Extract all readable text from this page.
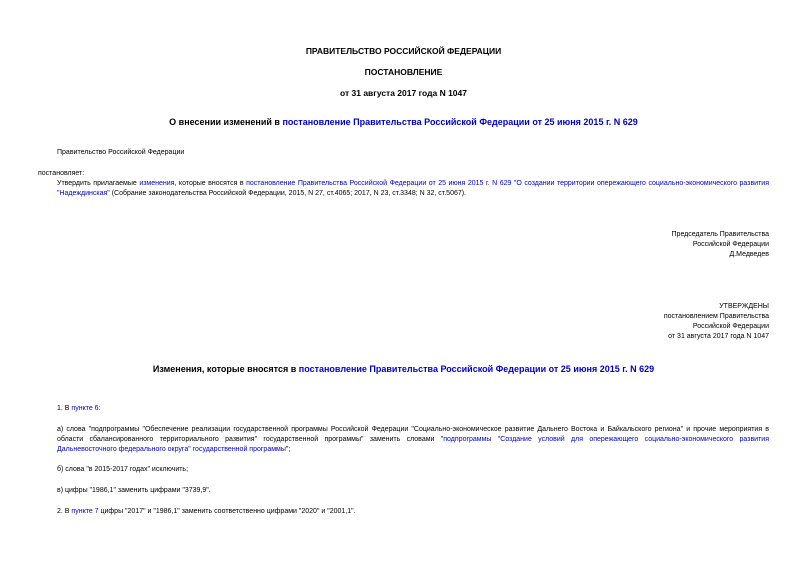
ПРАВИТЕЛЬСТВО РОССИЙСКОЙ ФЕДЕРАЦИИ
ПОСТАНОВЛЕНИЕ
от 31 августа 2017 года N 1047
О внесении изменений в постановление Правительства Российской Федерации от 25 июня 2015 г. N 629
Правительство Российской Федерации
постановляет:
Утвердить прилагаемые изменения, которые вносятся в постановление Правительства Российской Федерации от 25 июня 2015 г. N 629 "О создании территории опережающего социально-экономического развития "Надеждинская" (Собрание законодательства Российской Федерации, 2015, N 27, ст.4065; 2017, N 23, ст.3348; N 32, ст.5067).
Председатель Правительства
Российской Федерации
Д.Медведев
УТВЕРЖДЕНЫ
постановлением Правительства
Российской Федерации
от 31 августа 2017 года N 1047
Изменения, которые вносятся в постановление Правительства Российской Федерации от 25 июня 2015 г. N 629
1. В пункте 6:
а) слова "подпрограммы "Обеспечение реализации государственной программы Российской Федерации "Социально-экономическое развитие Дальнего Востока и Байкальского региона" и прочие мероприятия в области сбалансированного территориального развития" государственной программы" заменить словами "подпрограммы "Создание условий для опережающего социально-экономического развития Дальневосточного федерального округа" государственной программы";
б) слова "в 2015-2017 годах" исключить;
в) цифры "1986,1" заменить цифрами "3739,9".
2. В пункте 7 цифры "2017" и "1986,1" заменить соответственно цифрами "2020" и "2001,1".
